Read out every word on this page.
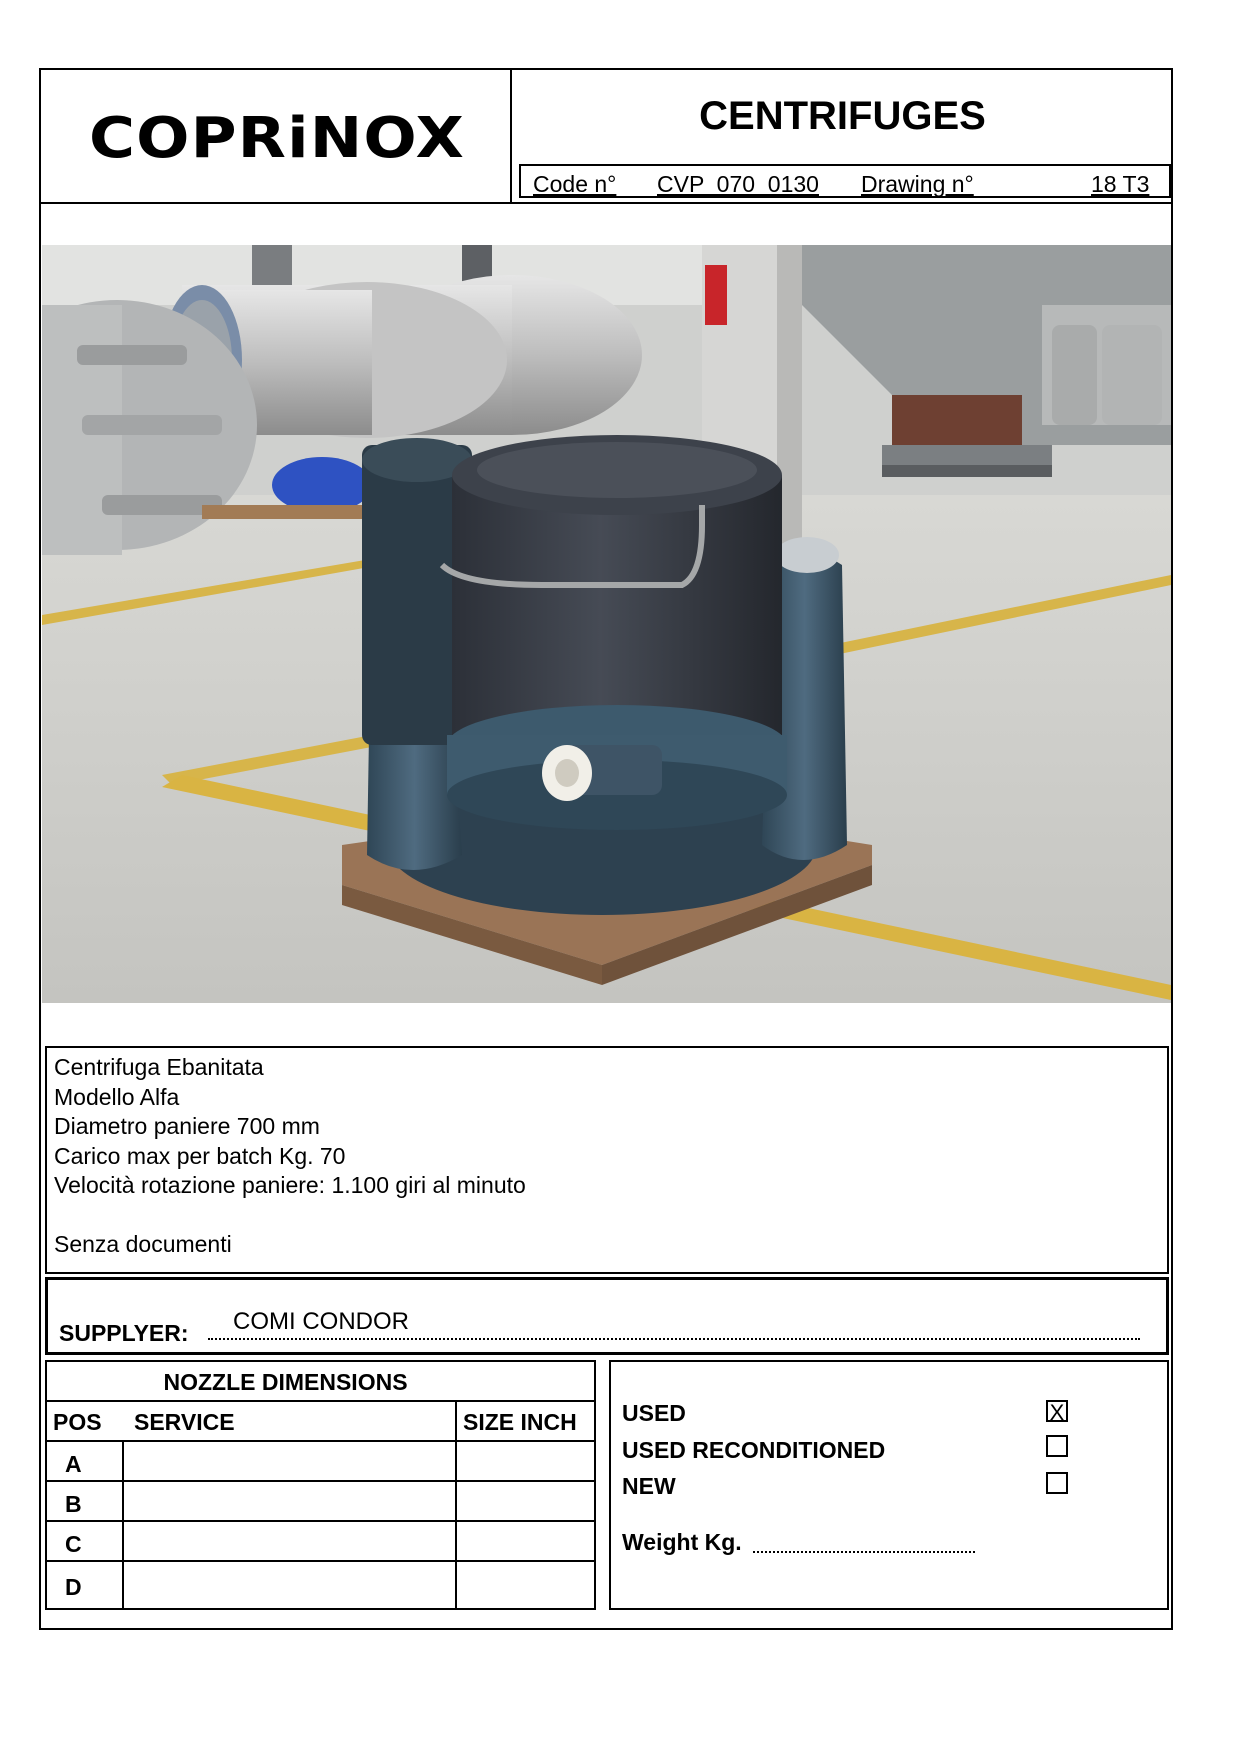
COPRiNOX	CENTRIFUGES
Code n° CVP  070  0130 Drawing n°	18 T3
Centrifuga Ebanitata
Modello Alfa
Diametro paniere 700 mm
Carico max per batch Kg. 70
Velocità rotazione paniere: 1.100 giri al minuto
Senza documenti
SUPPLYER: COMI CONDOR
NOZZLE DIMENSIONS
POS SERVICE	SIZE INCH
A
B
C
D
USED	X
USED RECONDITIONED
NEW
Weight Kg.
